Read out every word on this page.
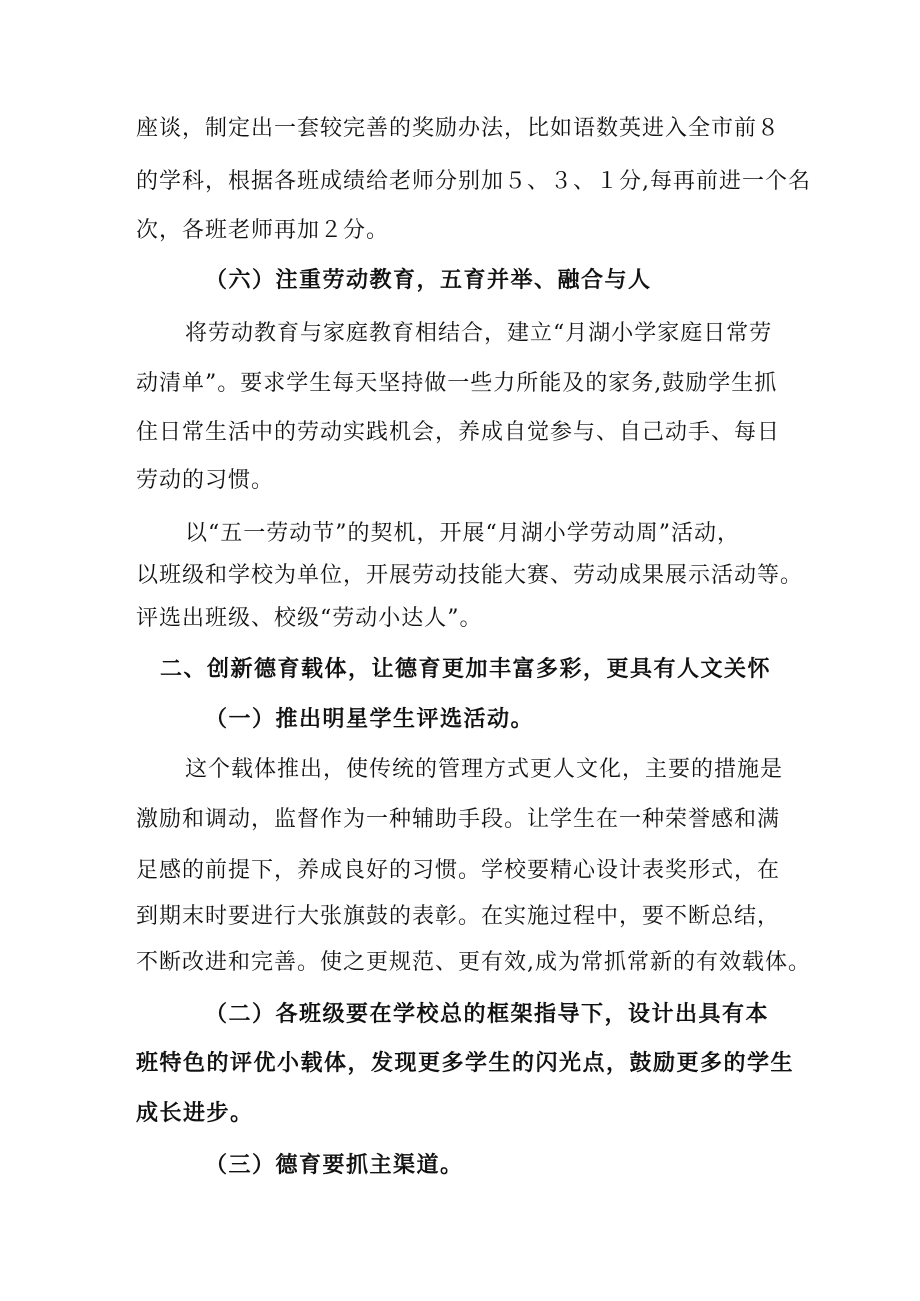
座谈，制定出一套较完善的奖励办法，比如语数英进入全市前８
的学科，根据各班成绩给老师分别加５、３、１分,每再前进一个名
次，各班老师再加２分。
（六）注重劳动教育，五育并举、融合与人
将劳动教育与家庭教育相结合，建立“月湖小学家庭日常劳
动清单”。要求学生每天坚持做一些力所能及的家务,鼓励学生抓
住日常生活中的劳动实践机会，养成自觉参与、自己动手、每日
劳动的习惯。
以“五一劳动节”的契机，开展“月湖小学劳动周”活动，
以班级和学校为单位，开展劳动技能大赛、劳动成果展示活动等。
评选出班级、校级“劳动小达人”。
二、创新德育载体，让德育更加丰富多彩，更具有人文关怀
（一）推出明星学生评选活动。
这个载体推出，使传统的管理方式更人文化，主要的措施是
激励和调动，监督作为一种辅助手段。让学生在一种荣誉感和满
足感的前提下，养成良好的习惯。学校要精心设计表奖形式，在
到期末时要进行大张旗鼓的表彰。在实施过程中，要不断总结，
不断改进和完善。使之更规范、更有效,成为常抓常新的有效载体。
（二）各班级要在学校总的框架指导下，设计出具有本
班特色的评优小载体，发现更多学生的闪光点，鼓励更多的学生
成长进步。
（三）德育要抓主渠道。
